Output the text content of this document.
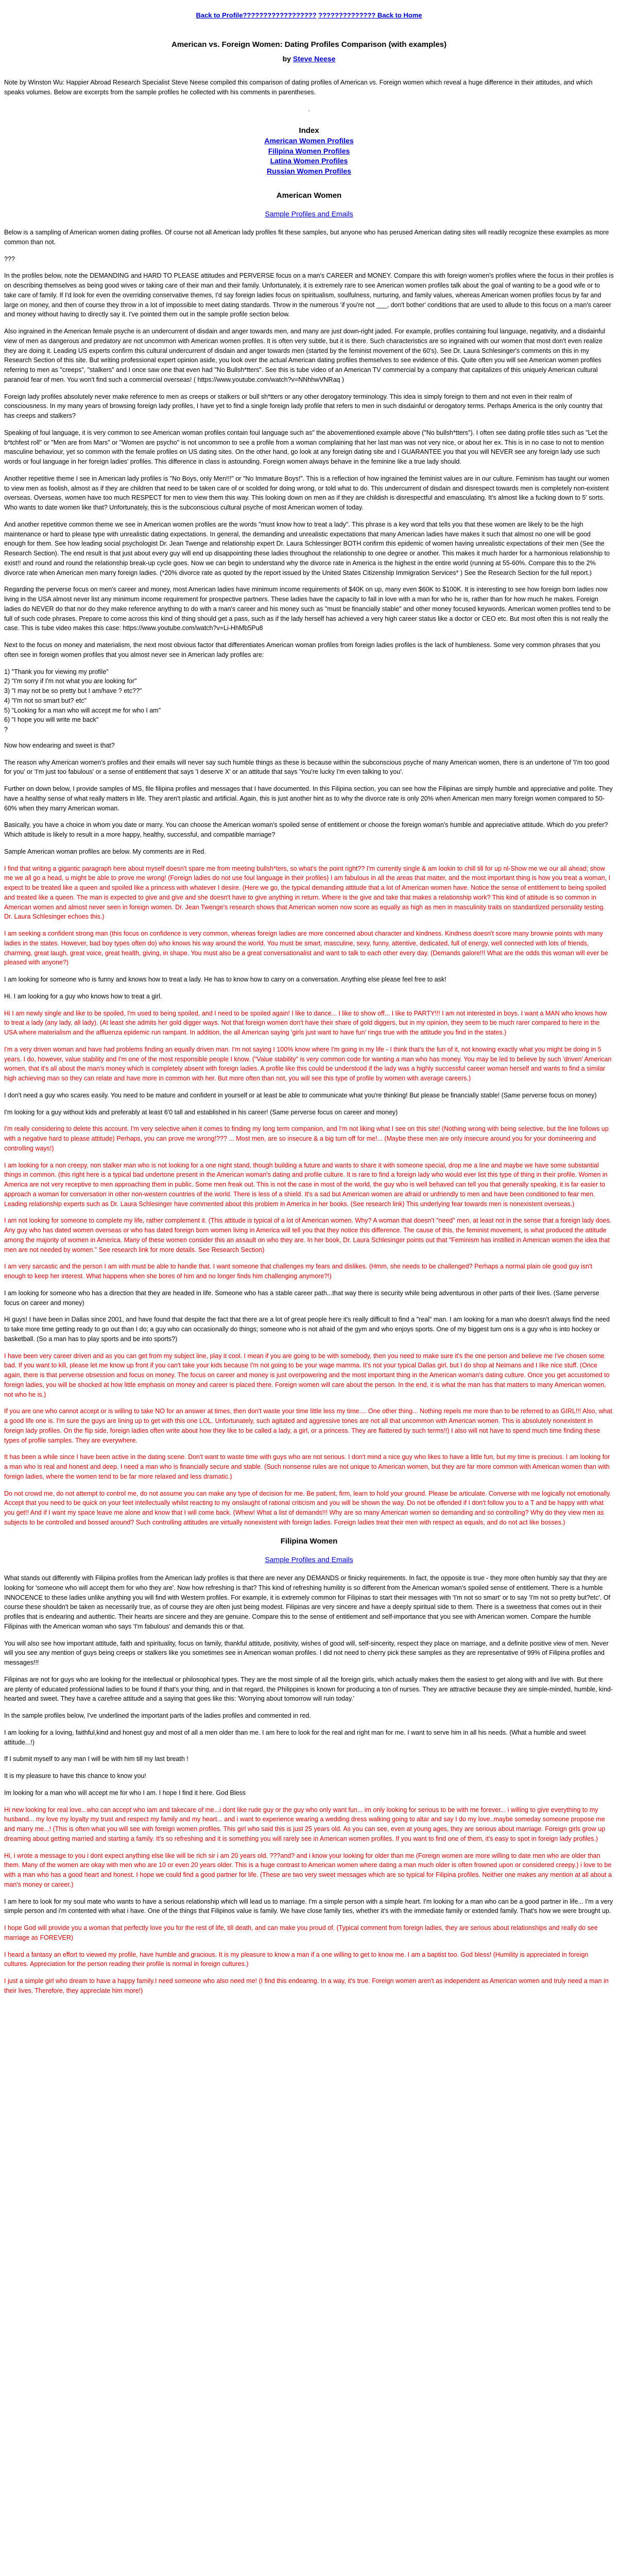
Back to Profile?????????????????? ?????????????? Back to Home
American vs. Foreign Women: Dating Profiles Comparison (with examples)

by Steve Neese

Note by Winston Wu: Happier Abroad Research Specialist Steve Neese compiled this comparison of dating profiles of American vs. Foreign women which reveal a huge difference in their attitudes, and which speaks volumes. Below are excerpts from the sample profiles he collected with his comments in parentheses.

.

Index
American Women Profiles
Filipina Women Profiles
Latina Women Profiles
Russian Women Profiles
American Women
Sample Profiles and Emails

Below is a sampling of American women dating profiles. Of course not all American lady profiles fit these samples, but anyone who has perused American dating sites will readily recognize these examples as more common than not.

???

In the profiles below, note the DEMANDING and HARD TO PLEASE attitudes and PERVERSE focus on a man's CAREER and MONEY. Compare this with foreign women's profiles where the focus in their profiles is on describing themselves as being good wives or taking care of their man and their family. Unfortunately, it is extremely rare to see American women profiles talk about the goal of wanting to be a good wife or to take care of family. If I'd look for even the overriding conservative themes, I'd say foreign ladies focus on spiritualism, soulfulness, nurturing, and family values, whereas American women profiles focus by far and large on money, and then of course they throw in a lot of impossible to meet dating standards. Throw in the numerous 'if you're not ___, don't bother' conditions that are used to allude to this focus on a man's career and money without having to directly say it. I've pointed them out in the sample profile section below.

Also ingrained in the American female psyche is an undercurrent of disdain and anger towards men, and many are just down-right jaded. For example, profiles containing foul language, negativity, and a disdainful view of men as dangerous and predatory are not uncommon with American women profiles. It is often very subtle, but it is there. Such characteristics are so ingrained with our women that most don't even realize they are doing it. Leading US experts confirm this cultural undercurrent of disdain and anger towards men (started by the feminist movement of the 60's). See Dr. Laura Schlesinger's comments on this in my Research Section of this site. But writing professional expert opinion aside, you look over the actual American dating profiles themselves to see evidence of this. Quite often you will see American women profiles referring to men as "creeps", "stalkers" and I once saw one that even had "No Bullsh*tters". See this is tube video of an American TV commercial by a company that capitalizes of this uniquely American cultural paranoid fear of men. You won't find such a commercial overseas! ( https://www.youtube.com/watch?v=NNhhwVNRaq )

Foreign lady profiles absolutely never make reference to men as creeps or stalkers or bull sh*tters or any other derogatory terminology. This idea is simply foreign to them and not even in their realm of consciousness. In my many years of browsing foreign lady profiles, I have yet to find a single foreign lady profile that refers to men in such disdainful or derogatory terms. Perhaps America is the only country that has creeps and stalkers?

Speaking of foul language, it is very common to see American woman profiles contain foul language such as" the abovementioned example above ("No bullsh*tters"). I often see dating profile titles such as "Let the b*tchfest roll" or "Men are from Mars" or "Women are psycho" is not uncommon to see a profile from a woman complaining that her last man was not very nice, or about her ex. This is in no case to not to mention masculine behaviour, yet so common with the female profiles on US dating sites. On the other hand, go look at any foreign dating site and I GUARANTEE you that you will NEVER see any foreign lady use such words or foul language in her foreign ladies' profiles. This difference in class is astounding. Foreign women always behave in the feminine like a true lady should.

Another repetitive theme I see in American lady profiles is "No Boys, only Men!!!" or "No Immature Boys!". This is a reflection of how ingrained the feminist values are in our culture. Feminism has taught our women to view men as foolish, almost as if they are children that need to be taken care of or scolded for doing wrong, or told what to do. This undercurrent of disdain and disrespect towards men is completely non-existent overseas. Overseas, women have too much RESPECT for men to view them this way. This looking down on men as if they are childish is disrespectful and emasculating. It's almost like a fucking down to 5' sorts. Who wants to date women like that? Unfortunately, this is the subconscious cultural psyche of most American women of today.

And another repetitive common theme we see in American women profiles are the words "must know how to treat a lady". This phrase is a key word that tells you that these women are likely to be the high maintenance or hard to please type with unrealistic dating expectations. In general, the demanding and unrealistic expectations that many American ladies have makes it such that almost no one will be good enough for them. See how leading social psychologist Dr. Jean Twenge and relationship expert Dr. Laura Schlessinger BOTH confirm this epidemic of women having unrealistic expectations of their men (See the Research Section). The end result is that just about every guy will end up disappointing these ladies throughout the relationship to one degree or another. This makes it much harder for a harmonious relationship to exist!! and round and round the relationship break-up cycle goes. Now we can begin to understand why the divorce rate in America is the highest in the entire world (running at 55-60%. Compare this to the 2% divorce rate when American men marry foreign ladies. (*20% divorce rate as quoted by the report issued by the United States Citizenship Immigration Services* ) See the Research Section for the full report.)

Regarding the perverse focus on men's career and money, most American ladies have minimum income requirements of $40K on up, many even $60K to $100K. It is interesting to see how foreign born ladies now living in the USA almost never list any minimum income requirement for prospective partners. These ladies have the capacity to fall in love with a man for who he is, rather than for how much he makes. Foreign ladies do NEVER do that nor do they make reference anything to do with a man's career and his money such as "must be financially stable" and other money focused keywords. American women profiles tend to be full of such code phrases. Prepare to come across this kind of thing should get a pass, such as if the lady herself has achieved a very high career status like a doctor or CEO etc. But most often this is not really the case. This is tube video makes this case: https://www.youtube.com/watch?v=Li-HhMb5Pu8

Next to the focus on money and materialism, the next most obvious factor that differentiates American woman profiles from foreign ladies profiles is the lack of humbleness. Some very common phrases that you often see in foreign women profiles that you almost never see in American lady profiles are:

1) "Thank you for viewing my profile"
2) "I'm sorry if I'm not what you are looking for"
3) "I may not be so pretty but I am/have ? etc??"
4) "I'm not so smart but? etc"
5) "Looking for a man who will accept me for who I am"
6) "I hope you will write me back"
?

Now how endearing and sweet is that?

The reason why American women's profiles and their emails will never say such humble things as these is because within the subconscious psyche of many American women, there is an undertone of 'I'm too good for you' or 'I'm just too fabulous' or a sense of entitlement that says 'I deserve X' or an attitude that says 'You're lucky I'm even talking to you'.

Further on down below, I provide samples of MS, file filipina profiles and messages that I have documented. In this Filipina section, you can see how the Filipinas are simply humble and appreciative and polite. They have a healthy sense of what really matters in life. They aren't plastic and artificial. Again, this is just another hint as to why the divorce rate is only 20% when American men marry foreign women compared to 50-60% when they marry American woman.

Basically, you have a choice in whom you date or marry. You can choose the American woman's spoiled sense of entitlement or choose the foreign woman's humble and appreciative attitude. Which do you prefer? Which attitude is likely to result in a more happy, healthy, successful, and compatible marriage?

Sample American woman profiles are below. My comments are in Red.

I find that writing a gigantic paragraph here about myself doesn't spare me from meeting bullsh*ters, so what's the point right?? I'm currently single & am lookin to chill till for up nl-Show me we our all ahead; show me we all go a head, u might be able to prove me wrong! (Foreign ladies do not use foul language in their profiles) I am fabulous in all the areas that matter, and the most important thing is how you treat a woman, I expect to be treated like a queen and spoiled like a princess with whatever I desire. (Here we go, the typical demanding attitude that a lot of American women have. Notice the sense of entitlement to being spoiled and treated like a queen. The man is expected to give and give and she doesn't have to give anything in return. Where is the give and take that makes a relationship work? This kind of attitude is so common in American women and almost never seen in foreign women. Dr. Jean Twenge's research shows that American women now score as equally as high as men in masculinity traits on standardized personality testing. Dr. Laura Schlesinger echoes this.)

I am seeking a confident strong man (this focus on confidence is very common, whereas foreign ladies are more concerned about character and kindness. Kindness doesn't score many brownie points with many ladies in the states. However, bad boy types often do) who knows his way around the world. You must be smart, masculine, sexy, funny, attentive, dedicated, full of energy, well connected with lots of friends, charming, great laugh, great voice, great health, giving, in shape. You must also be a great conversationalist and want to talk to each other every day. (Demands galore!!! What are the odds this woman will ever be pleased with anyone?)

I am looking for someone who is funny and knows how to treat a lady. He has to know how to carry on a conversation. Anything else please feel free to ask!

Hi. I am looking for a guy who knows how to treat a girl.

Hi I am newly single and like to be spoiled, I'm used to being spoiled, and I need to be spoiled again! I like to dance... I like to show off... I like to PARTY!!! I am not interested in boys. I want a MAN who knows how to treat a lady (any lady, all lady). (At least she admits her gold digger ways. Not that foreign women don't have their share of gold diggers, but in my opinion, they seem to be much rarer compared to here in the USA where materialism and the affluenza epidemic run rampant. In addition, the all American saying 'girls just want to have fun' rings true with the attitude you find in the states.)

I'm a very driven woman and have had problems finding an equally driven man. I'm not saying I 100% know where I'm going in my life - I think that's the fun of it, not knowing exactly what you might be doing in 5 years. I do, however, value stability and I'm one of the most responsible people I know. ("Value stability" is very common code for wanting a man who has money. You may be led to believe by such 'driven' American women, that it's all about the man's money which is completely absent with foreign ladies. A profile like this could be understood if the lady was a highly successful career woman herself and wants to find a similar high achieving man so they can relate and have more in common with her. But more often than not, you will see this type of profile by women with average careers.)

I don't need a guy who scares easily. You need to be mature and confident in yourself or at least be able to communicate what you're thinking! But please be financially stable! (Same perverse focus on money)

I'm looking for a guy without kids and preferably at least 6'0 tall and established in his career! (Same perverse focus on career and money)

I'm really considering to delete this account. I'm very selective when it comes to finding my long term companion, and I'm not liking what I see on this site! (Nothing wrong with being selective, but the line follows up with a negative hard to please attitude) Perhaps, you can prove me wrong!??? ... Most men, are so insecure & a big turn off for me!... (Maybe these men are only insecure around you for your domineering and controlling ways!)

I am looking for a non creepy, non stalker man who is not looking for a one night stand, though building a future and wants to share it with someone special, drop me a line and maybe we have some substantial things in common. (this right here is a typical bad undertone present in the American woman's dating and profile culture. It is rare to find a foreign lady who would ever list this type of thing in their profile. Women in America are not very receptive to men approaching them in public. Some men freak out. This is not the case in most of the world, the guy who is well behaved can tell you that generally speaking, it is far easier to approach a woman for conversation in other non-western countries of the world. There is less of a shield. It's a sad but American women are afraid or unfriendly to men and have been conditioned to fear men. Leading relationship experts such as Dr. Laura Schlesinger have commented about this problem in America in her books. (See research link) This underlying fear towards men is nonexistent overseas.)

I am not looking for someone to complete my life, rather complement it. (This attitude is typical of a lot of American women. Why? A woman that doesn't "need" men, at least not in the sense that a foreign lady does. Any guy who has dated women overseas or who has dated foreign born women living in America will tell you that they notice this difference. The cause of this, the feminist movement, is what produced the attitude among the majority of women in America. Many of these women consider this an assault on who they are. In her book, Dr. Laura Schlesinger points out that "Feminism has instilled in American women the idea that men are not needed by women." See research link for more details. See Research Section)

I am very sarcastic and the person I am with must be able to handle that. I want someone that challenges my fears and dislikes. (Hmm, she needs to be challenged? Perhaps a normal plain ole good guy isn't enough to keep her interest. What happens when she bores of him and no longer finds him challenging anymore?!)

I am looking for someone who has a direction that they are headed in life. Someone who has a stable career path...that way there is security while being adventurous in other parts of their lives. (Same perverse focus on career and money)

Hi guys! I have been in Dallas since 2001, and have found that despite the fact that there are a lot of great people here it's really difficult to find a "real" man. I am looking for a man who doesn't always find the need to take more time getting ready to go out than I do; a guy who can occasionally do things; someone who is not afraid of the gym and who enjoys sports. One of my biggest turn ons is a guy who is into hockey or basketball. (So a man has to play sports and be into sports?)

I have been very career driven and as you can get from my subject line, play it cool. I mean if you are going to be with somebody, then you need to make sure it's the one person and believe me I've chosen some bad. If you want to kill, please let me know up front if you can't take your kids because I'm not going to be your wage mamma. It's not your typical Dallas girl, but I do shop at Neimans and I like nice stuff. (Once again, there is that perverse obsession and focus on money. The focus on career and money is just overpowering and the most important thing in the American woman's dating culture. Once you get accustomed to foreign ladies, you will be shocked at how little emphasis on money and career is placed there. Foreign women will care about the person. In the end, it is what the man has that matters to many American women, not who he is.)

If you are one who cannot accept or is willing to take NO for an answer at times, then don't waste your time little less my time.... One other thing... Nothing repels me more than to be referred to as GIRL!!! Also, what a good life one is. I'm sure the guys are lining up to get with this one LOL. Unfortunately, such agitated and aggressive tones are not all that uncommon with American women. This is absolutely nonexistent in foreign lady profiles. On the flip side, foreign ladies often write about how they like to be called a lady, a girl, or a princess. They are flattered by such terms!!) I also will not have to spend much time finding these types of profile samples. They are everywhere.

It has been a while since I have been active in the dating scene. Don't want to waste time with guys who are not serious. I don't mind a nice guy who likes to have a little fun, but my time is precious. I am looking for a man who is real and honest and deep. I need a man who is financially secure and stable. (Such nonsense rules are not unique to American women, but they are far more common with American women than with foreign ladies, where the women tend to be far more relaxed and less dramatic.)

Do not crowd me, do not attempt to control me, do not assume you can make any type of decision for me. Be patient, firm, learn to hold your ground. Please be articulate. Converse with me logically not emotionally. Accept that you need to be quick on your feet intellectually whilst reacting to my onslaught of rational criticism and you will be shown the way. Do not be offended if I don't follow you to a T and be happy with what you get!! And if I want my space leave me alone and know that I will come back. (Whew! What a list of demands!!! Why are so many American women so demanding and so controlling? Why do they view men as subjects to be controlled and bossed around? Such controlling attitudes are virtually nonexistent with foreign ladies. Foreign ladies treat their men with respect as equals, and do not act like bosses.)

Filipina Women
Sample Profiles and Emails

What stands out differently with Filipina profiles from the American lady profiles is that there are never any DEMANDS or finicky requirements. In fact, the opposite is true - they more often humbly say that they are looking for 'someone who will accept them for who they are'. Now how refreshing is that? This kind of refreshing humility is so different from the American woman's spoiled sense of entitlement. There is a humble INNOCENCE to these ladies unlike anything you will find with Western profiles. For example, it is extremely common for Filipinas to start their messages with 'I'm not so smart' or to say 'I'm not so pretty but?etc'. Of course these shouldn't be taken as necessarily true, as of course they are often just being modest. Filipinas are very sincere and have a deeply spiritual side to them. There is a sweetness that comes out in their profiles that is endearing and authentic. Their hearts are sincere and they are genuine. Compare this to the sense of entitlement and self-importance that you see with American women. Compare the humble Filipinas with the American woman who says 'I'm fabulous' and demands this or that.

You will also see how important attitude, faith and spirituality, focus on family, thankful attitude, positivity, wishes of good will, self-sincerity, respect they place on marriage, and a definite positive view of men. Never will you see any mention of guys being creeps or stalkers like you sometimes see in American woman profiles. I did not need to cherry pick these samples as they are representative of 99% of Filipina profiles and messages!!!

Filipinas are not for guys who are looking for the intellectual or philosophical types. They are the most simple of all the foreign girls, which actually makes them the easiest to get along with and live with. But there are plenty of educated professional ladies to be found if that's your thing, and in that regard, the Philippines is known for producing a ton of nurses. They are attractive because they are simple-minded, humble, kind-hearted and sweet. They have a carefree attitude and a saying that goes like this: 'Worrying about tomorrow will ruin today.'

In the sample profiles below, I've underlined the important parts of the ladies profiles and commented in red.

I am looking for a loving, faithful,kind and honest guy and most of all a men older than me. I am here to look for the real and right man for me. I want to serve him in all his needs. (What a humble and sweet attitude...!)

If I submit myself to any man I will be with him till my last breath !

It is my pleasure to have this chance to know you!

Im looking for a man who will accept me for who I am. I hope I find it here. God Bless

Hi new looking for real love...who can accept who iam and takecare of me...i dont like rude guy or the guy who only want fun... im only looking for serious to be with me forever... i willing to give everything to my husband... my love my loyalty my trust and respect my family and my heart... and i want to experience wearing a wedding dress walking going to altar and say I do my love..maybe someday someone propose me and marry me...! (This is often what you will see with foreign women profiles. This girl who said this is just 25 years old. As you can see, even at young ages, they are serious about marriage. Foreign girls grow up dreaming about getting married and starting a family. It's so refreshing and it is something you will rarely see in American women profiles. If you want to find one of them, it's easy to spot in foreign lady profiles.)

Hi, i wrote a message to you i dont expect anything else like will be rich sir i am 20 years old. ???and? and i know your looking for older than me (Foreign women are more willing to date men who are older than them. Many of the women are okay with men who are 10 or even 20 years older. This is a huge contrast to American women where dating a man much older is often frowned upon or considered creepy.) i love to be with a man who has a good heart and honest. I hope we could find a good partner for life. (These are two very sweet messages which are so typical for Filipina profiles. Neither one makes any mention at all about a man's money or career.)

I am here to look for my soul mate who wants to have a serious relationship which will lead us to marriage. I'm a simple person with a simple heart. I'm looking for a man who can be a good partner in life... I'm a very simple person and i'm contented with what i have. One of the things that Filipinos value is family. We have close family ties, whether it's with the immediate family or extended family. That's how we were brought up.

I hope God will provide you a woman that perfectly love you for the rest of life, till death, and can make you proud of. (Typical comment from foreign ladies, they are serious about relationships and really do see marriage as FOREVER)

I heard a fantasy an effort to viewed my profile, have humble and gracious. It is my pleasure to know a man if a one willing to get to know me. I am a baptist too. God bless! (Humility is appreciated in foreign cultures. Appreciation for the person reading their profile is normal in foreign cultures.)

I just a simple girl who dream to have a happy family.I need someone who also need me! (I find this endearing. In a way, it's true. Foreign women aren't as independent as American women and truly need a man in their lives. Therefore, they appreciate him more!)
